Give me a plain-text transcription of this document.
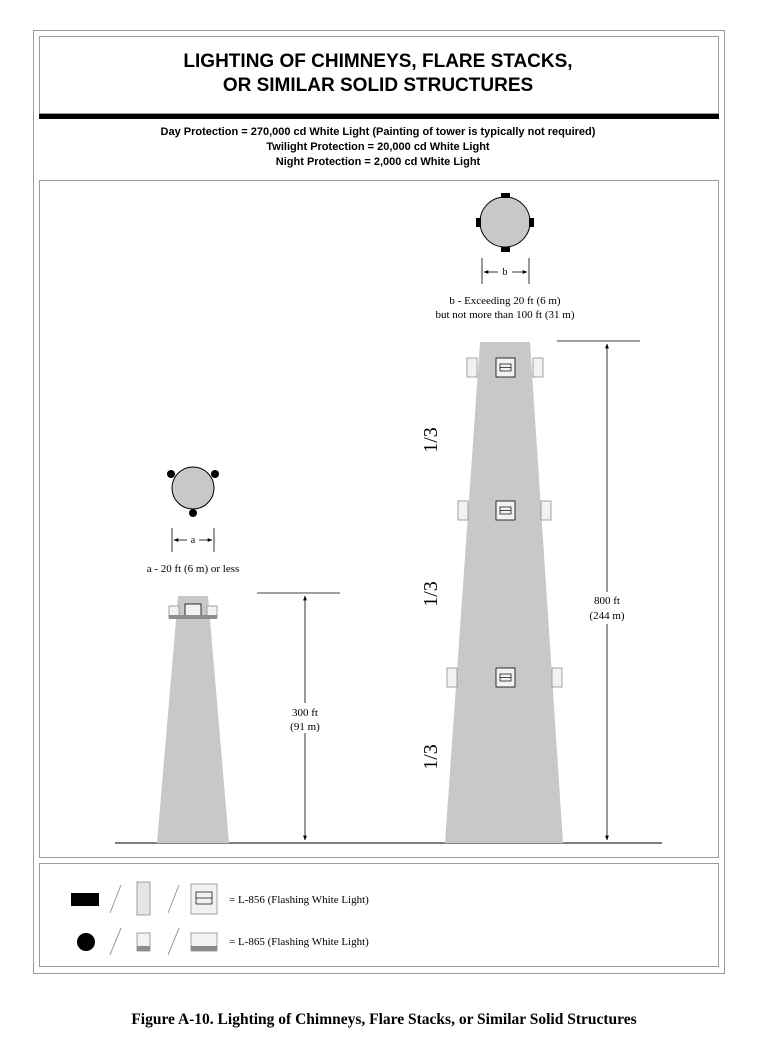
LIGHTING OF CHIMNEYS, FLARE STACKS,
OR SIMILAR SOLID STRUCTURES
Day Protection = 270,000 cd White Light (Painting of tower is typically not required)
Twilight Protection = 20,000 cd White Light
Night Protection = 2,000 cd White Light
a
a - 20 ft (6 m) or less
300 ft
(91 m)
b
b - Exceeding 20 ft (6 m)
but not more than 100 ft (31 m)
1/3
1/3
1/3
800 ft
(244 m)
= L-856 (Flashing White Light)
= L-865 (Flashing White Light)
Figure A-10. Lighting of Chimneys, Flare Stacks, or Similar Solid Structures
